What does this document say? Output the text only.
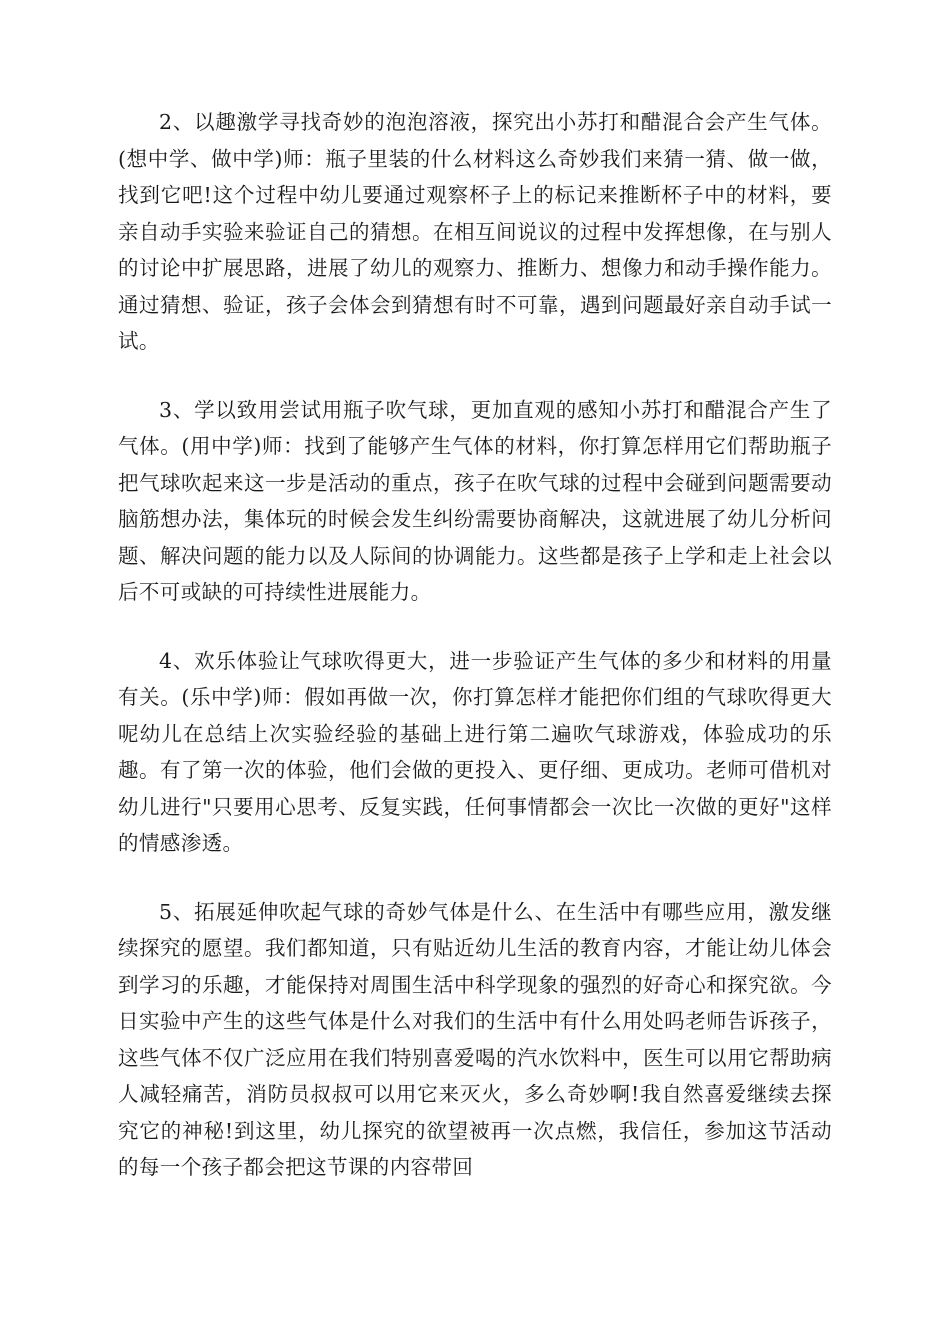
2、以趣激学寻找奇妙的泡泡溶液，探究出小苏打和醋混合会产生气体。(想中学、做中学)师：瓶子里装的什么材料这么奇妙我们来猜一猜、做一做，找到它吧!这个过程中幼儿要通过观察杯子上的标记来推断杯子中的材料，要亲自动手实验来验证自己的猜想。在相互间说议的过程中发挥想像，在与别人的讨论中扩展思路，进展了幼儿的观察力、推断力、想像力和动手操作能力。通过猜想、验证，孩子会体会到猜想有时不可靠，遇到问题最好亲自动手试一试。

3、学以致用尝试用瓶子吹气球，更加直观的感知小苏打和醋混合产生了气体。(用中学)师：找到了能够产生气体的材料，你打算怎样用它们帮助瓶子把气球吹起来这一步是活动的重点，孩子在吹气球的过程中会碰到问题需要动脑筋想办法，集体玩的时候会发生纠纷需要协商解决，这就进展了幼儿分析问题、解决问题的能力以及人际间的协调能力。这些都是孩子上学和走上社会以后不可或缺的可持续性进展能力。

4、欢乐体验让气球吹得更大，进一步验证产生气体的多少和材料的用量有关。(乐中学)师：假如再做一次，你打算怎样才能把你们组的气球吹得更大呢幼儿在总结上次实验经验的基础上进行第二遍吹气球游戏，体验成功的乐趣。有了第一次的体验，他们会做的更投入、更仔细、更成功。老师可借机对幼儿进行"只要用心思考、反复实践，任何事情都会一次比一次做的更好"这样的情感渗透。

5、拓展延伸吹起气球的奇妙气体是什么、在生活中有哪些应用，激发继续探究的愿望。我们都知道，只有贴近幼儿生活的教育内容，才能让幼儿体会到学习的乐趣，才能保持对周围生活中科学现象的强烈的好奇心和探究欲。今日实验中产生的这些气体是什么对我们的生活中有什么用处吗老师告诉孩子，这些气体不仅广泛应用在我们特别喜爱喝的汽水饮料中，医生可以用它帮助病人减轻痛苦，消防员叔叔可以用它来灭火，多么奇妙啊!我自然喜爱继续去探究它的神秘!到这里，幼儿探究的欲望被再一次点燃，我信任，参加这节活动的每一个孩子都会把这节课的内容带回
